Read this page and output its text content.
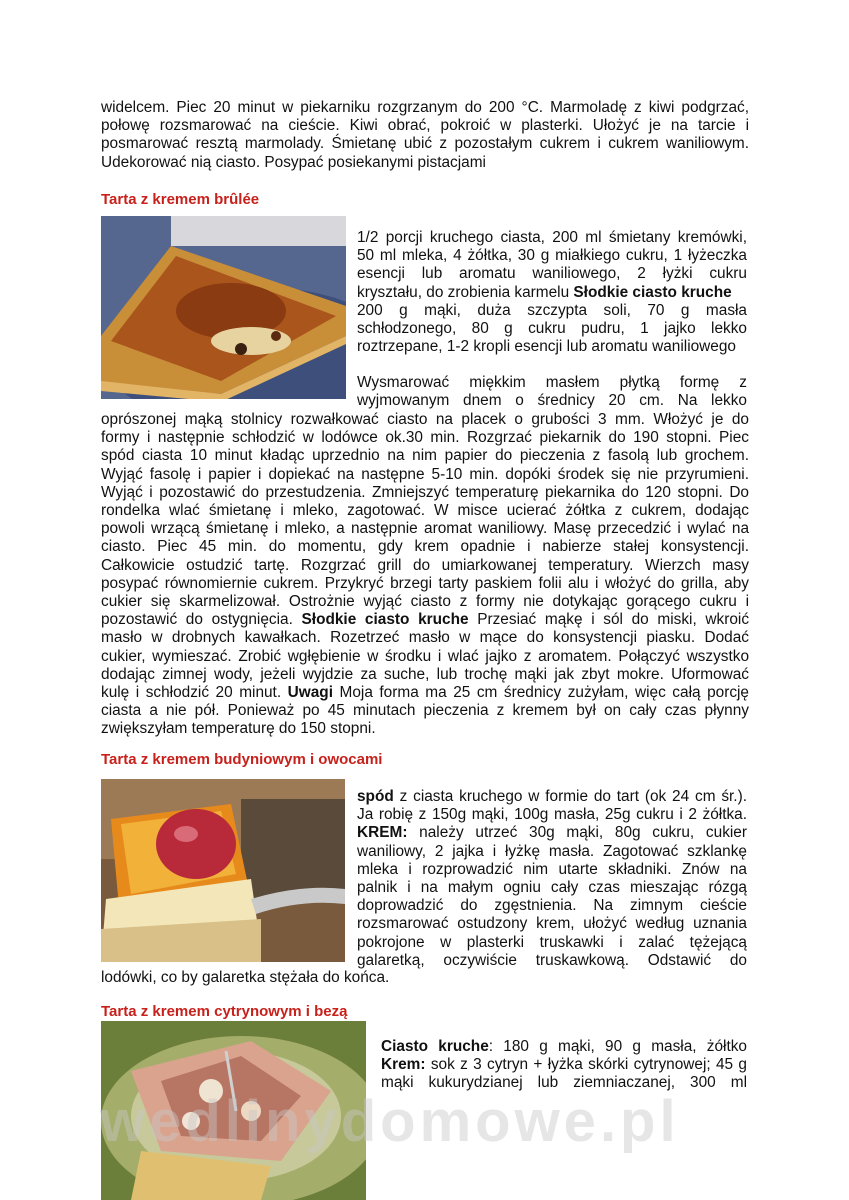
widelcem. Piec 20 minut w piekarniku rozgrzanym do 200 °C. Marmoladę z kiwi podgrzać,
połowę rozsmarować na cieście. Kiwi obrać, pokroić w plasterki. Ułożyć je na tarcie i
posmarować resztą marmolady. Śmietanę ubić z pozostałym cukrem i cukrem waniliowym.
Udekorować nią ciasto. Posypać posiekanymi pistacjami
Tarta z kremem brûlée
1/2 porcji kruchego ciasta, 200 ml śmietany kremówki,
50 ml mleka, 4 żółtka, 30 g miałkiego cukru, 1 łyżeczka
esencji lub aromatu waniliowego, 2 łyżki cukru
kryształu, do zrobienia karmelu Słodkie ciasto kruche
200 g mąki, duża szczypta soli, 70 g masła
schłodzonego, 80 g cukru pudru, 1 jajko lekko
roztrzepane, 1-2 kropli esencji lub aromatu waniliowego
Wysmarować miękkim masłem płytką formę z
wyjmowanym dnem o średnicy 20 cm. Na lekko
oprószonej mąką stolnicy rozwałkować ciasto na placek o grubości 3 mm. Włożyć je do
formy i następnie schłodzić w lodówce ok.30 min. Rozgrzać piekarnik do 190 stopni. Piec
spód ciasta 10 minut kładąc uprzednio na nim papier do pieczenia z fasolą lub grochem.
Wyjąć fasolę i papier i dopiekać na następne 5-10 min. dopóki środek się nie przyrumieni.
Wyjąć i pozostawić do przestudzenia. Zmniejszyć temperaturę piekarnika do 120 stopni. Do
rondelka wlać śmietanę i mleko, zagotować. W misce ucierać żółtka z cukrem, dodając
powoli wrzącą śmietanę i mleko, a następnie aromat waniliowy. Masę przecedzić i wylać na
ciasto. Piec 45 min. do momentu, gdy krem opadnie i nabierze stałej konsystencji.
Całkowicie ostudzić tartę. Rozgrzać grill do umiarkowanej temperatury. Wierzch masy
posypać równomiernie cukrem. Przykryć brzegi tarty paskiem folii alu i włożyć do grilla, aby
cukier się skarmelizował. Ostrożnie wyjąć ciasto z formy nie dotykając gorącego cukru i
pozostawić do ostygnięcia. Słodkie ciasto kruche Przesiać mąkę i sól do miski, wkroić
masło w drobnych kawałkach. Rozetrzeć masło w mące do konsystencji piasku. Dodać
cukier, wymieszać. Zrobić wgłębienie w środku i wlać jajko z aromatem. Połączyć wszystko
dodając zimnej wody, jeżeli wyjdzie za suche, lub trochę mąki jak zbyt mokre. Uformować
kulę i schłodzić 20 minut. Uwagi Moja forma ma 25 cm średnicy zużyłam, więc całą porcję
ciasta a nie pół. Ponieważ po 45 minutach pieczenia z kremem był on cały czas płynny
zwiększyłam temperaturę do 150 stopni.
Tarta z kremem budyniowym i owocami
spód z ciasta kruchego w formie do tart (ok 24 cm śr.).
Ja robię z 150g mąki, 100g masła, 25g cukru i 2 żółtka.
KREM: należy utrzeć 30g mąki, 80g cukru, cukier
waniliowy, 2 jajka i łyżkę masła. Zagotować szklankę
mleka i rozprowadzić nim utarte składniki. Znów na
palnik i na małym ogniu cały czas mieszając rózgą
doprowadzić do zgęstnienia. Na zimnym cieście
rozsmarować ostudzony krem, ułożyć według uznania
pokrojone w plasterki truskawki i zalać tężejącą
galaretką, oczywiście truskawkową. Odstawić do
lodówki, co by galaretka stężała do końca.
Tarta z kremem cytrynowym i bezą
Ciasto kruche: 180 g mąki, 90 g masła, żółtko
Krem: sok z 3 cytryn + łyżka skórki cytrynowej; 45 g
mąki kukurydzianej lub ziemniaczanej, 300 ml
wedlinydomowe.pl
